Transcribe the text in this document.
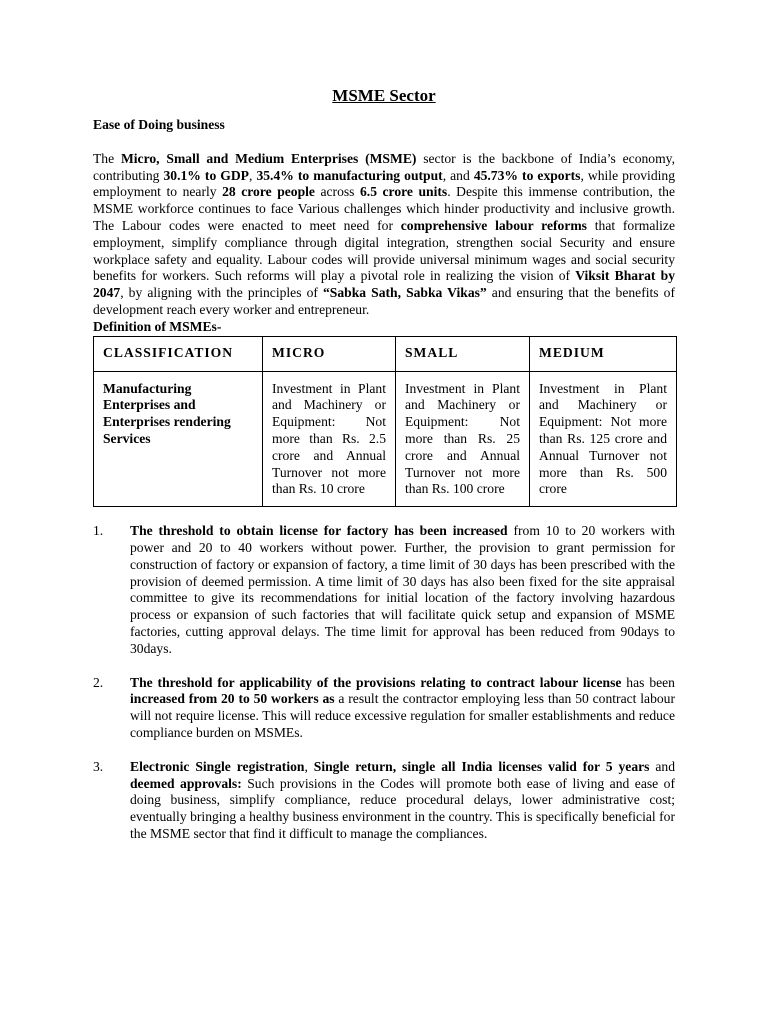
MSME Sector
Ease of Doing business

The Micro, Small and Medium Enterprises (MSME) sector is the backbone of India’s economy, contributing 30.1% to GDP, 35.4% to manufacturing output, and 45.73% to exports, while providing employment to nearly 28 crore people across 6.5 crore units. Despite this immense contribution, the MSME workforce continues to face Various challenges which hinder productivity and inclusive growth. The Labour codes were enacted to meet need for comprehensive labour reforms that formalize employment, simplify compliance through digital integration, strengthen social Security and ensure workplace safety and equality. Labour codes will provide universal minimum wages and social security benefits for workers. Such reforms will play a pivotal role in realizing the vision of Viksit Bharat by 2047, by aligning with the principles of “Sabka Sath, Sabka Vikas” and ensuring that the benefits of development reach every worker and entrepreneur.

Definition of MSMEs-
CLASSIFICATION	MICRO	SMALL	MEDIUM
Manufacturing Enterprises and Enterprises rendering Services	Investment in Plant and Machinery or Equipment: Not more than Rs. 2.5 crore and Annual Turnover not more than Rs. 10 crore	Investment in Plant and Machinery or Equipment: Not more than Rs. 25 crore and Annual Turnover not more than Rs. 100 crore	Investment in Plant and Machinery or Equipment: Not more than Rs. 125 crore and Annual Turnover not more than Rs. 500 crore
1. The threshold to obtain license for factory has been increased from 10 to 20 workers with power and 20 to 40 workers without power. Further, the provision to grant permission for construction of factory or expansion of factory, a time limit of 30 days has been prescribed with the provision of deemed permission. A time limit of 30 days has also been fixed for the site appraisal committee to give its recommendations for initial location of the factory involving hazardous process or expansion of such factories that will facilitate quick setup and expansion of MSME factories, cutting approval delays. The time limit for approval has been reduced from 90days to 30days.
2. The threshold for applicability of the provisions relating to contract labour license has been increased from 20 to 50 workers as a result the contractor employing less than 50 contract labour will not require license. This will reduce excessive regulation for smaller establishments and reduce compliance burden on MSMEs.
3. Electronic Single registration, Single return, single all India licenses valid for 5 years and deemed approvals: Such provisions in the Codes will promote both ease of living and ease of doing business, simplify compliance, reduce procedural delays, lower administrative cost; eventually bringing a healthy business environment in the country. This is specifically beneficial for the MSME sector that find it difficult to manage the compliances.
